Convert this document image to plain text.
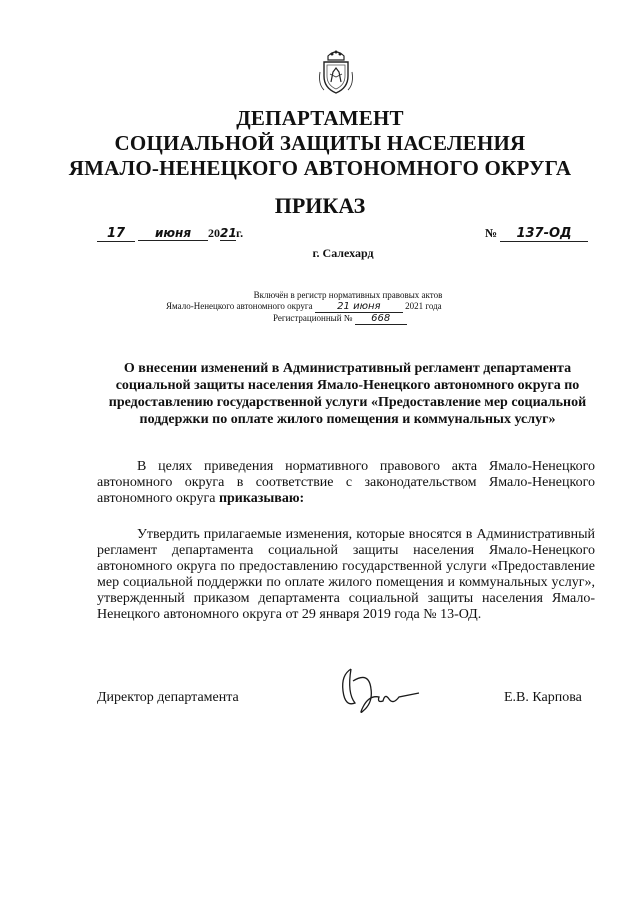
ДЕПАРТАМЕНТ
СОЦИАЛЬНОЙ ЗАЩИТЫ НАСЕЛЕНИЯ
ЯМАЛО-НЕНЕЦКОГО АВТОНОМНОГО ОКРУГА
ПРИКАЗ
17 июня 2021г.	№ 137-ОД
г. Салехард
Включён в регистр нормативных правовых актов
Ямало-Ненецкого автономного округа 21 июня	2021 года
Регистрационный № 668
О внесении изменений в Административный регламент департамента социальной защиты населения Ямало-Ненецкого автономного округа по предоставлению государственной услуги «Предоставление мер социальной поддержки по оплате жилого помещения и коммунальных услуг»
В целях приведения нормативного правового акта Ямало-Ненецкого автономного округа в соответствие с законодательством Ямало-Ненецкого автономного округа приказываю:
Утвердить прилагаемые изменения, которые вносятся в Административный регламент департамента социальной защиты населения Ямало-Ненецкого автономного округа по предоставлению государственной услуги «Предоставление мер социальной поддержки по оплате жилого помещения и коммунальных услуг», утвержденный приказом департамента социальной защиты населения Ямало-Ненецкого автономного округа от 29 января 2019 года № 13-ОД.
Директор департамента	Е.В. Карпова
